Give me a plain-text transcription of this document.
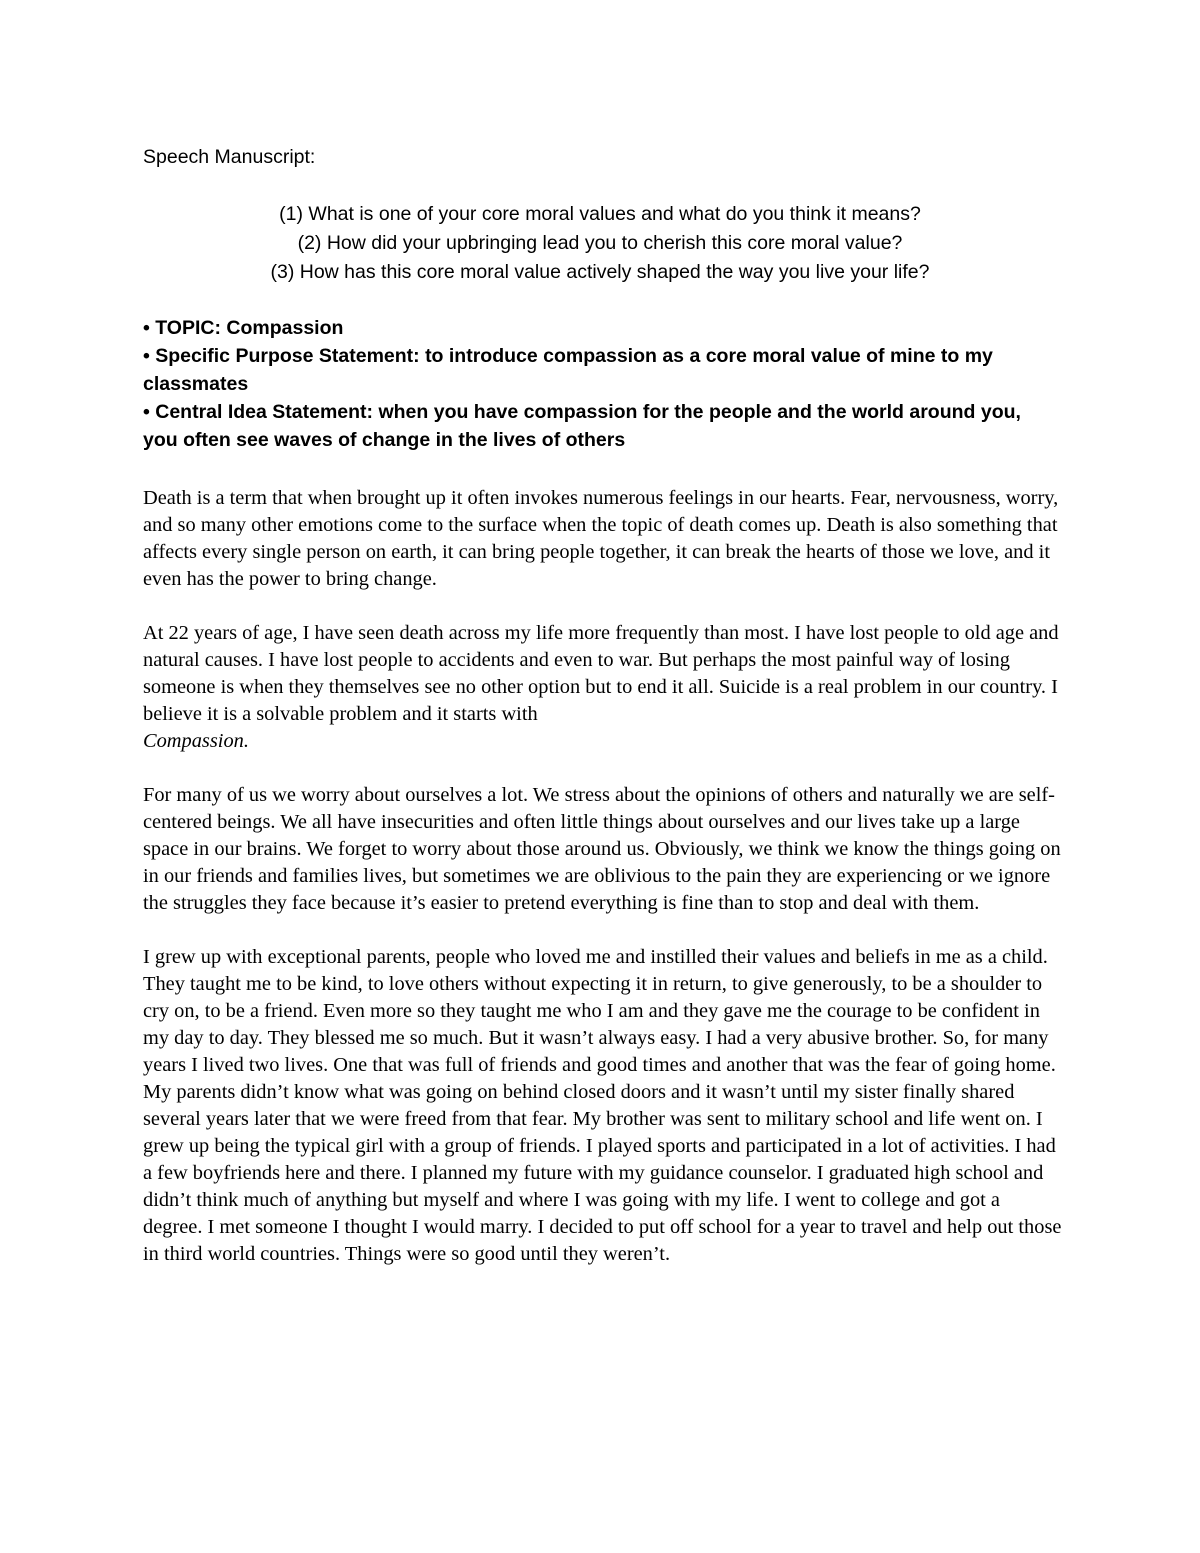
Speech Manuscript:
(1) What is one of your core moral values and what do you think it means?
(2) How did your upbringing lead you to cherish this core moral value?
(3) How has this core moral value actively shaped the way you live your life?
• TOPIC: Compassion
• Specific Purpose Statement: to introduce compassion as a core moral value of mine to my classmates
• Central Idea Statement: when you have compassion for the people and the world around you, you often see waves of change in the lives of others

Death is a term that when brought up it often invokes numerous feelings in our hearts. Fear, nervousness, worry, and so many other emotions come to the surface when the topic of death comes up. Death is also something that affects every single person on earth, it can bring people together, it can break the hearts of those we love, and it even has the power to bring change.

At 22 years of age, I have seen death across my life more frequently than most. I have lost people to old age and natural causes. I have lost people to accidents and even to war. But perhaps the most painful way of losing someone is when they themselves see no other option but to end it all. Suicide is a real problem in our country. I believe it is a solvable problem and it starts with
Compassion.

For many of us we worry about ourselves a lot. We stress about the opinions of others and naturally we are self-centered beings. We all have insecurities and often little things about ourselves and our lives take up a large space in our brains. We forget to worry about those around us. Obviously, we think we know the things going on in our friends and families lives, but sometimes we are oblivious to the pain they are experiencing or we ignore the struggles they face because it’s easier to pretend everything is fine than to stop and deal with them.

I grew up with exceptional parents, people who loved me and instilled their values and beliefs in me as a child. They taught me to be kind, to love others without expecting it in return, to give generously, to be a shoulder to cry on, to be a friend. Even more so they taught me who I am and they gave me the courage to be confident in my day to day. They blessed me so much. But it wasn’t always easy. I had a very abusive brother. So, for many years I lived two lives. One that was full of friends and good times and another that was the fear of going home. My parents didn’t know what was going on behind closed doors and it wasn’t until my sister finally shared several years later that we were freed from that fear. My brother was sent to military school and life went on. I grew up being the typical girl with a group of friends. I played sports and participated in a lot of activities. I had a few boyfriends here and there. I planned my future with my guidance counselor. I graduated high school and didn’t think much of anything but myself and where I was going with my life. I went to college and got a degree. I met someone I thought I would marry. I decided to put off school for a year to travel and help out those in third world countries. Things were so good until they weren’t.
